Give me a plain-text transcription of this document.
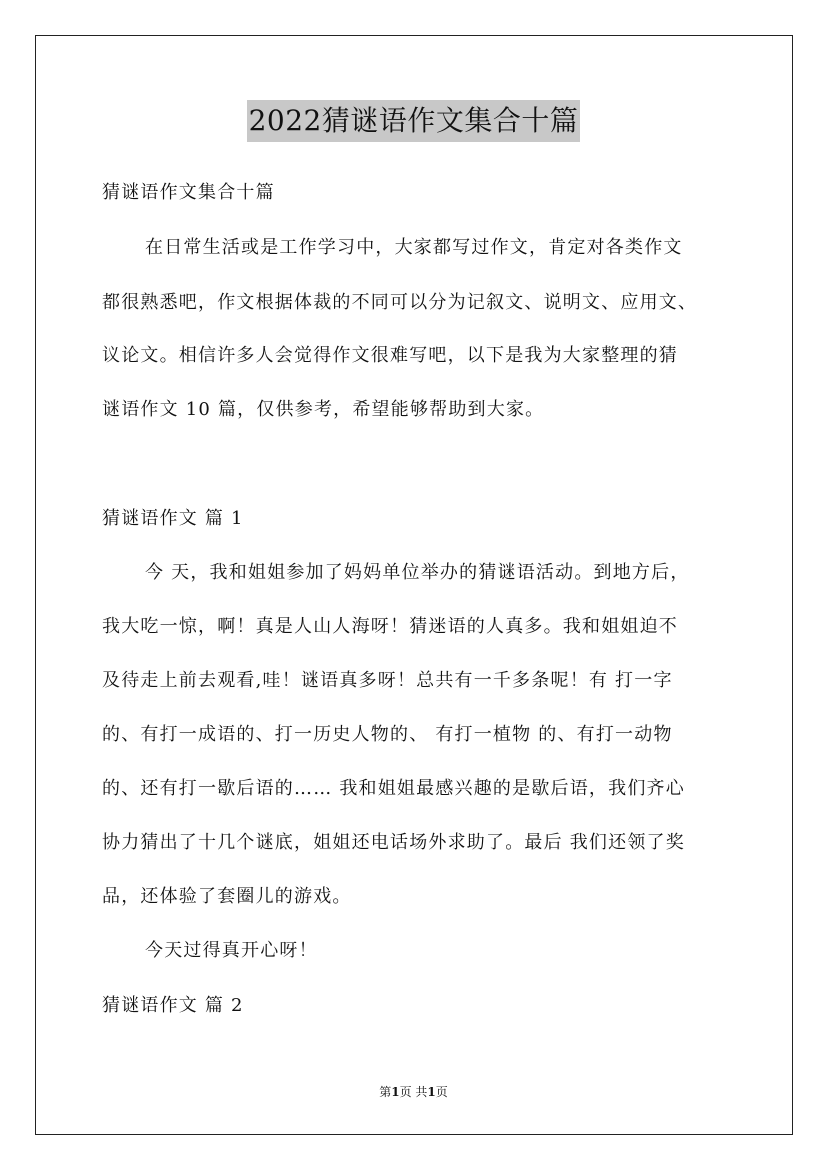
2022猜谜语作文集合十篇
猜谜语作文集合十篇
在日常生活或是工作学习中，大家都写过作文，肯定对各类作文
都很熟悉吧，作文根据体裁的不同可以分为记叙文、说明文、应用文、
议论文。相信许多人会觉得作文很难写吧，以下是我为大家整理的猜
谜语作文 10 篇，仅供参考，希望能够帮助到大家。
猜谜语作文 篇 1
今 天，我和姐姐参加了妈妈单位举办的猜谜语活动。到地方后，
我大吃一惊，啊！真是人山人海呀！猜迷语的人真多。我和姐姐迫不
及待走上前去观看,哇！谜语真多呀！总共有一千多条呢！有 打一字
的、有打一成语的、打一历史人物的、 有打一植物 的、有打一动物
的、还有打一歇后语的…… 我和姐姐最感兴趣的是歇后语，我们齐心
协力猜出了十几个谜底，姐姐还电话场外求助了。最后 我们还领了奖
品，还体验了套圈儿的游戏。
今天过得真开心呀！
猜谜语作文 篇 2
第1页 共1页
